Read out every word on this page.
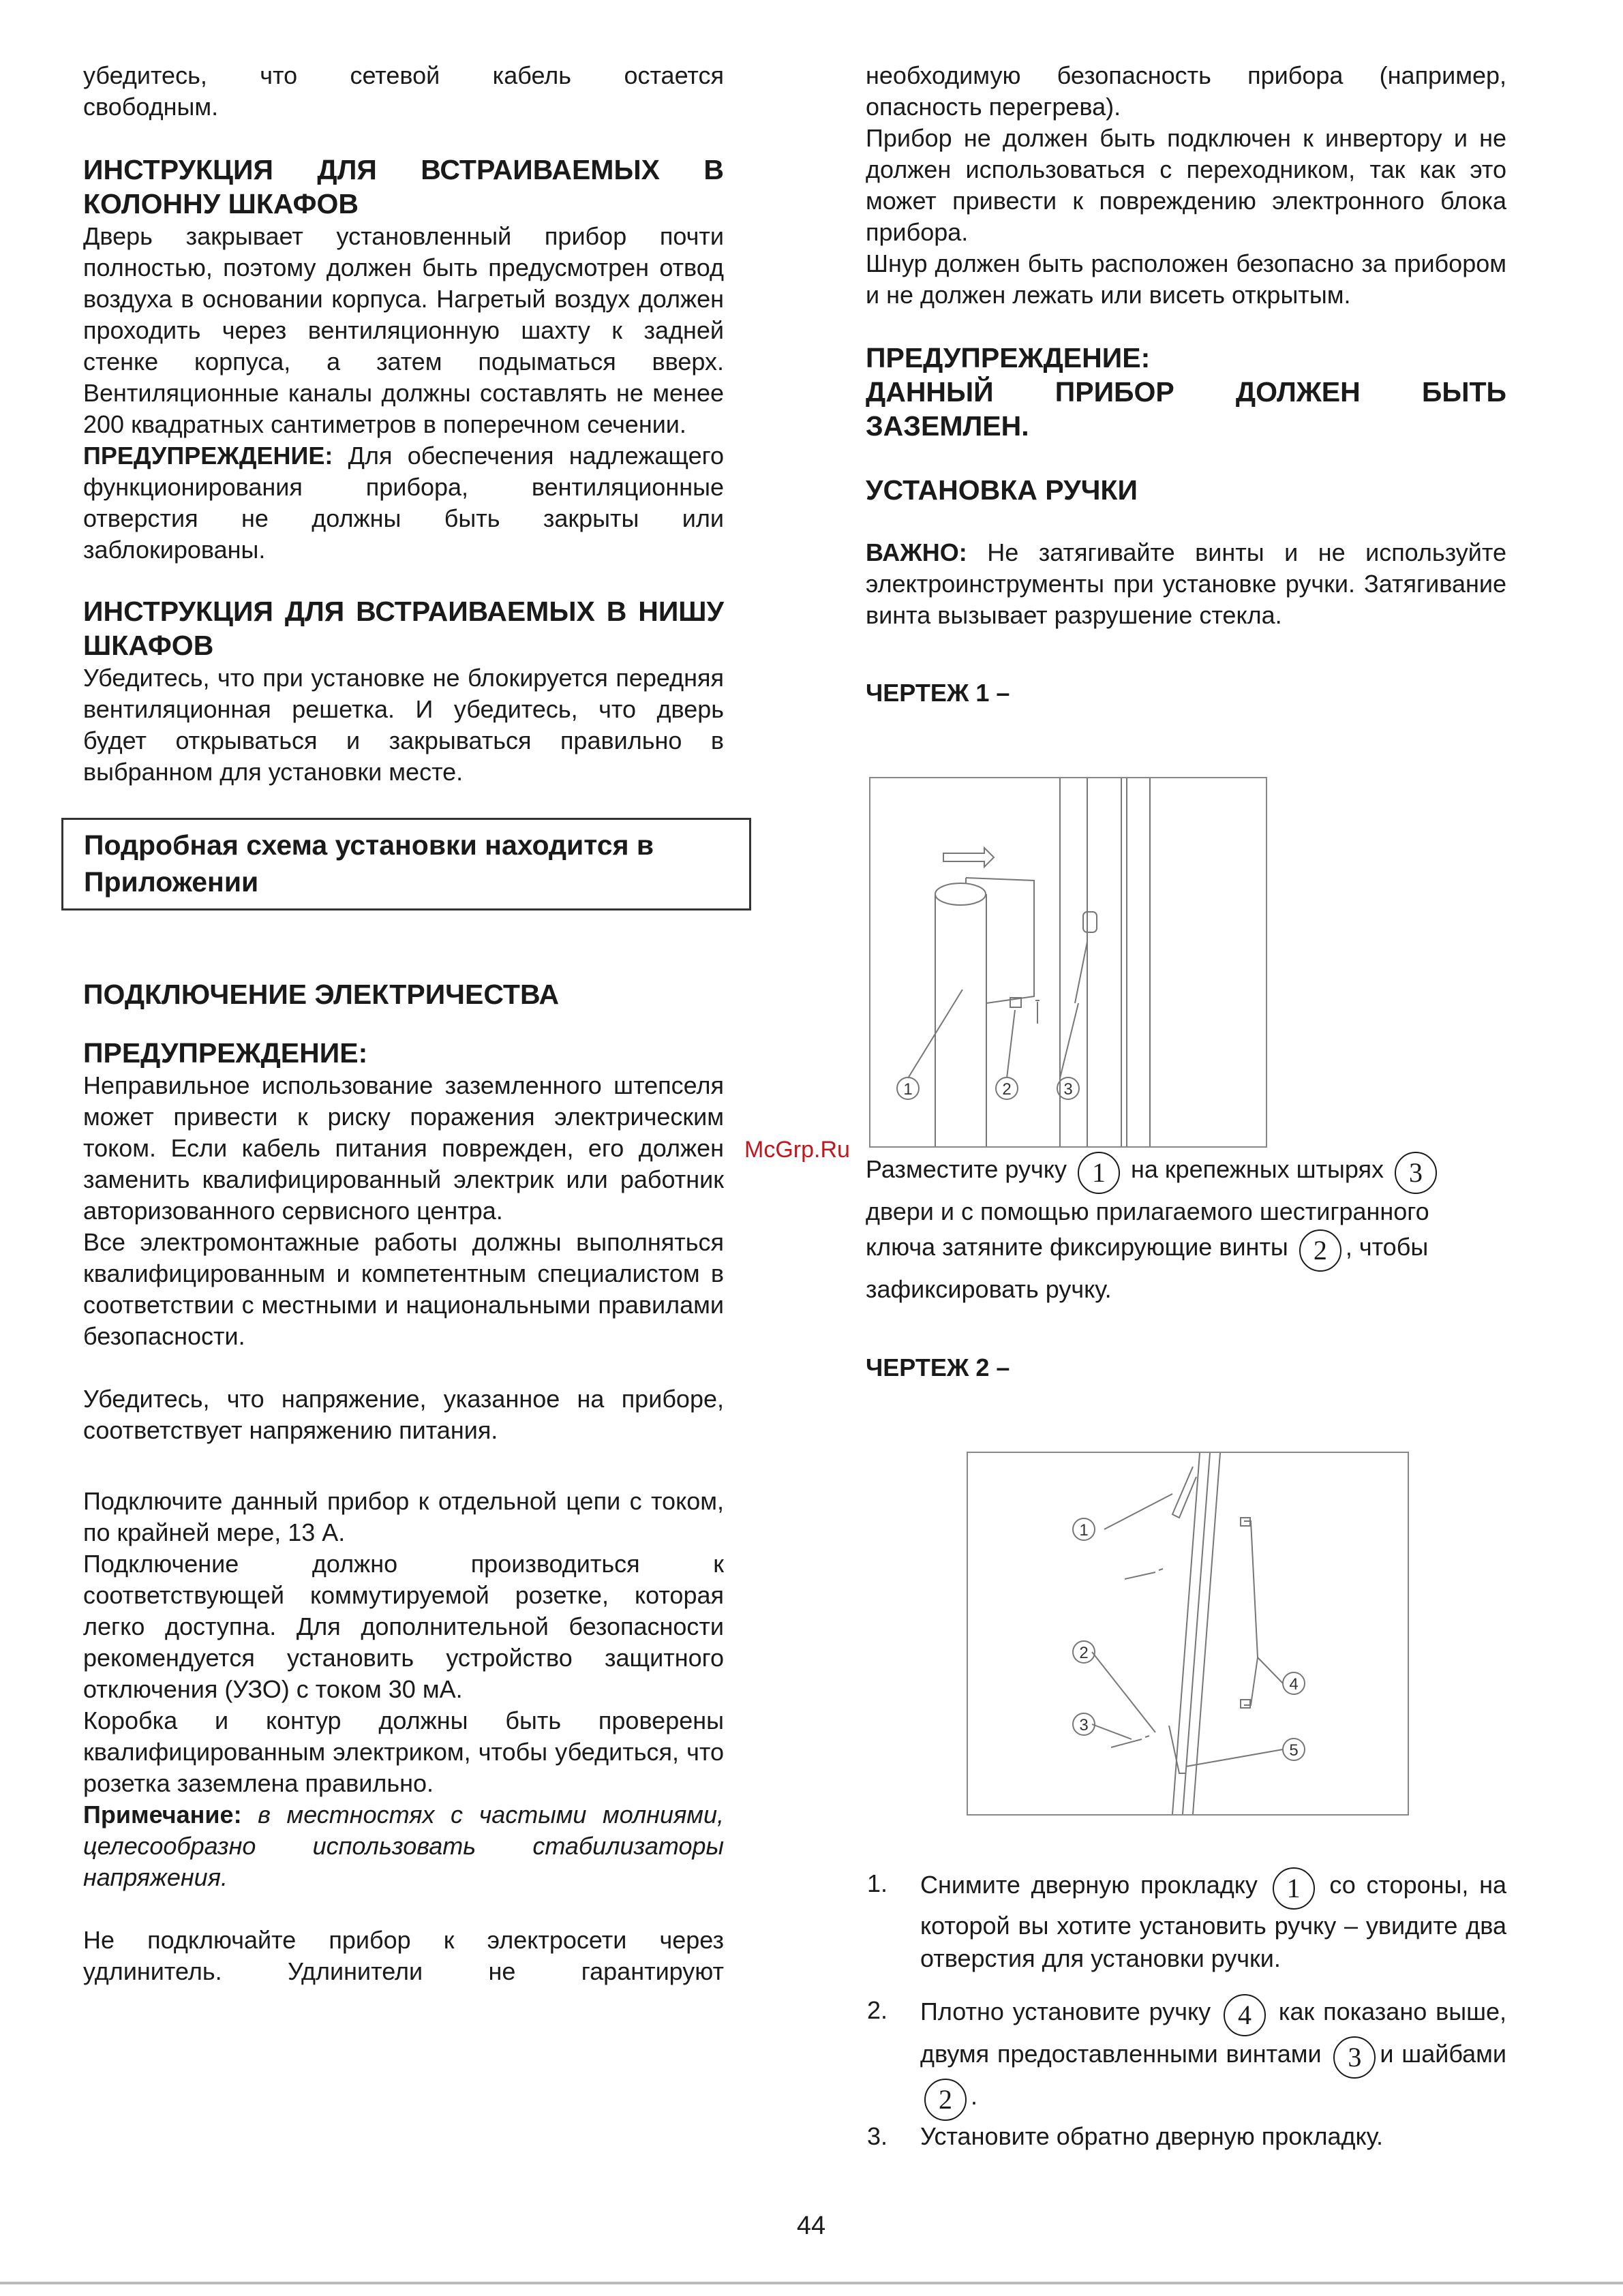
убедитесь, что сетевой кабель остается

свободным.

ИНСТРУКЦИЯ ДЛЯ ВСТРАИВАЕМЫХ В КОЛОННУ ШКАФОВ

Дверь закрывает установленный прибор почти полностью, поэтому должен быть предусмотрен отвод воздуха в основании корпуса. Нагретый воздух должен проходить через вентиляционную шахту к задней стенке корпуса, а затем подыматься вверх. Вентиляционные каналы должны составлять не менее 200 квадратных сантиметров в поперечном сечении.

ПРЕДУПРЕЖДЕНИЕ: Для обеспечения надлежащего функционирования прибора, вентиляционные отверстия не должны быть закрыты или заблокированы.

ИНСТРУКЦИЯ ДЛЯ ВСТРАИВАЕМЫХ В НИШУ ШКАФОВ

Убедитесь, что при установке не блокируется передняя вентиляционная решетка. И убедитесь, что дверь будет открываться и закрываться правильно в выбранном для установки месте.

Подробная схема установки находится в Приложении
ПОДКЛЮЧЕНИЕ ЭЛЕКТРИЧЕСТВА
ПРЕДУПРЕЖДЕНИЕ:

Неправильное использование заземленного штепселя может привести к риску поражения электрическим током. Если кабель питания поврежден, его должен заменить квалифицированный электрик или работник авторизованного сервисного центра.

Все электромонтажные работы должны выполняться квалифицированным и компетентным специалистом в соответствии с местными и национальными правилами безопасности.

Убедитесь, что напряжение, указанное на приборе, соответствует напряжению питания.

Подключите данный прибор к отдельной цепи с током, по крайней мере, 13 А.

Подключение должно производиться к соответствующей коммутируемой розетке, которая легко доступна. Для дополнительной безопасности рекомендуется установить устройство защитного отключения (УЗО) с током 30 мА.

Коробка и контур должны быть проверены квалифицированным электриком, чтобы убедиться, что розетка заземлена правильно.

Примечание: в местностях с частыми молниями, целесообразно использовать стабилизаторы напряжения.

Не подключайте прибор к электросети через

удлинитель. Удлинители не гарантируют

необходимую безопасность прибора (например, опасность перегрева).

Прибор не должен быть подключен к инвертору и не должен использоваться с переходником, так как это может привести к повреждению электронного блока прибора.

Шнур должен быть расположен безопасно за прибором и не должен лежать или висеть открытым.

ПРЕДУПРЕЖДЕНИЕ:
ДАННЫЙ ПРИБОР ДОЛЖЕН БЫТЬ
ЗАЗЕМЛЕН.
УСТАНОВКА РУЧКИ

ВАЖНО: Не затягивайте винты и не используйте электроинструменты при установке ручки. Затягивание винта вызывает разрушение стекла.

ЧЕРТЕЖ 1 –

1	2	3
McGrp.Ru

Разместите ручку 1 на крепежных штырях 3
двери и с помощью прилагаемого шестигранного
ключа затяните фиксирующие винты 2 , чтобы
зафиксировать ручку.

ЧЕРТЕЖ 2 –

1
2
3
4
5
1. Снимите дверную прокладку 1 со стороны, на которой вы хотите установить ручку – увидите два отверстия для установки ручки.
2. Плотно установите ручку 4 как показано выше, двумя предоставленными винтами 3 и шайбами 2 .
3. Установите обратно дверную прокладку.
44
